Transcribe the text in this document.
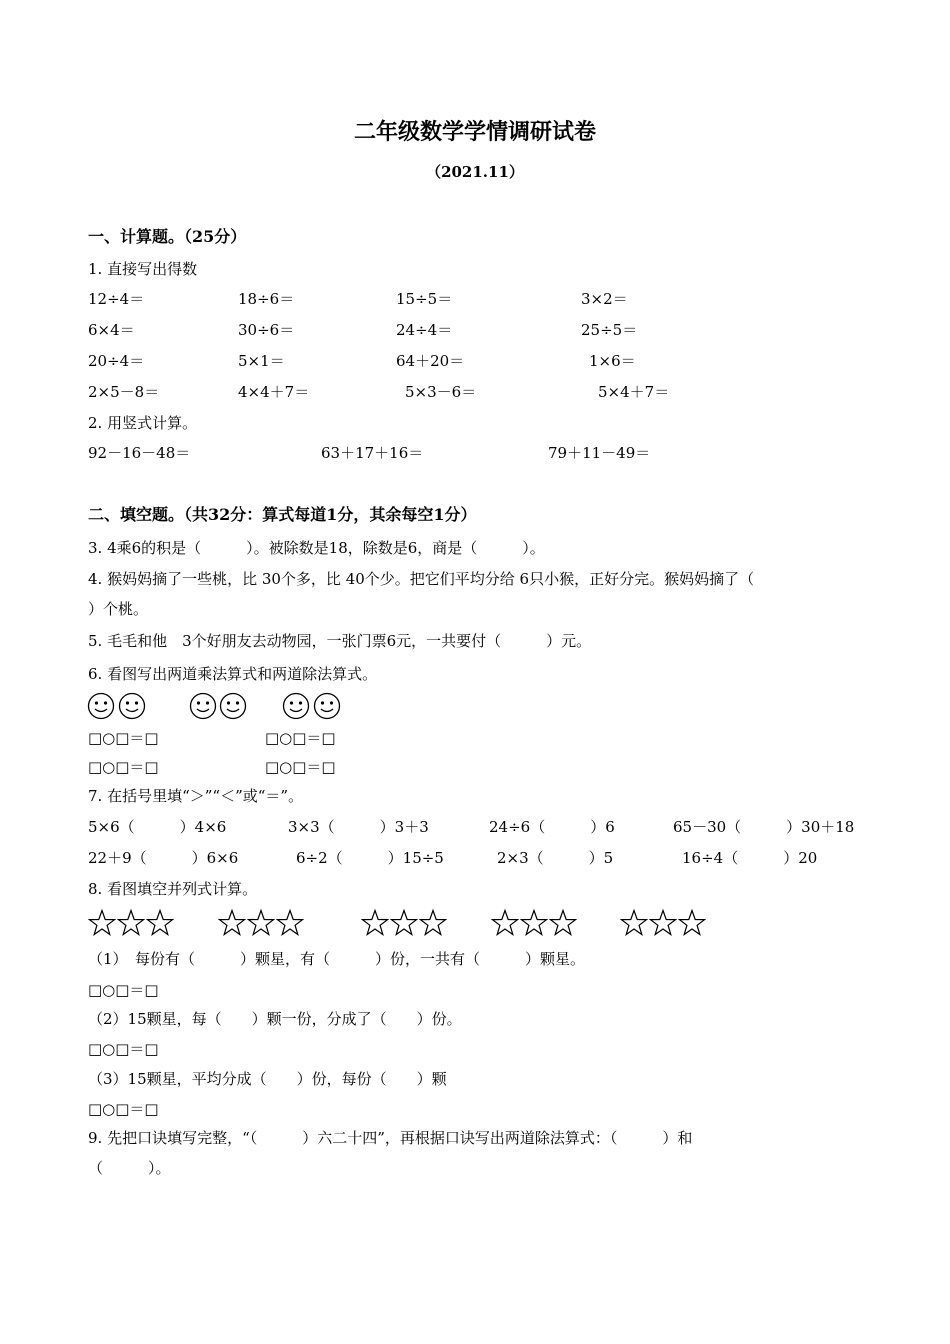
二年级数学学情调研试卷
（2021.11）
一、计算题。（25分）
1. 直接写出得数
12÷4＝	18÷6＝	15÷5＝	3×2＝
6×4＝	30÷6＝	24÷4＝	25÷5＝
20÷4＝	5×1＝	64＋20＝	1×6＝
2×5－8＝	4×4＋7＝	5×3－6＝	5×4＋7＝
2. 用竖式计算。
92－16－48＝	63＋17＋16＝	79＋11－49＝
二、填空题。（共32分：算式每道1分，其余每空1分）
3. 4乘6的积是（　　　）。被除数是18，除数是6，商是（　　　）。
4. 猴妈妈摘了一些桃，比 30个多，比 40个少。把它们平均分给 6只小猴，正好分完。猴妈妈摘了（
）个桃。
5. 毛毛和他　3个好朋友去动物园，一张门票6元，一共要付（　　　）元。
6. 看图写出两道乘法算式和两道除法算式。
□○□＝□	□○□＝□
□○□＝□	□○□＝□
7. 在括号里填“＞”“＜”或“＝”。
5×6（　　　）4×6	3×3（　　　）3＋3	24÷6（　　　）6	65－30（　　　）30＋18
22＋9（　　　）6×6	6÷2（　　　）15÷5	2×3（　　　）5	16÷4（　　　）20
8. 看图填空并列式计算。
（1）　每份有（　　　）颗星，有（　　　）份，一共有（　　　）颗星。
□○□＝□
（2）15颗星，每（　　）颗一份，分成了（　　）份。
□○□＝□
（3）15颗星，平均分成（　　）份，每份（　　）颗
□○□＝□
9. 先把口诀填写完整，“（　　　）六二十四”，再根据口诀写出两道除法算式：（　　　）和
（　　　）。
